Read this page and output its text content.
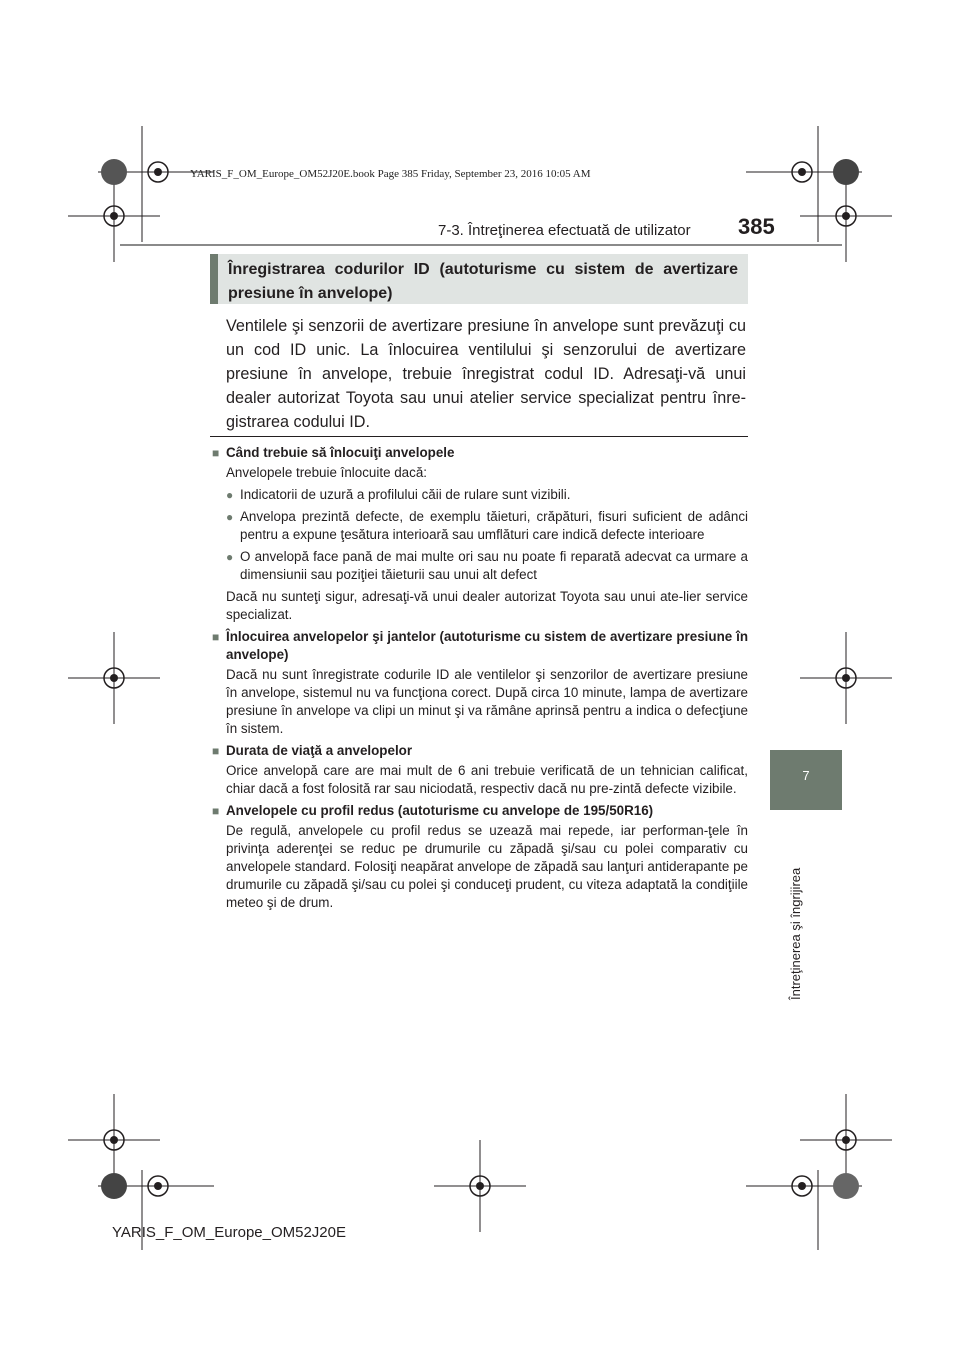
YARIS_F_OM_Europe_OM52J20E.book Page 385 Friday, September 23, 2016 10:05 AM
7-3. Întreţinerea efectuată de utilizator 385
7
Întreţinerea şi îngrijirea
Înregistrarea codurilor ID (autoturisme cu sistem de avertizare presiune în anvelope)
Ventilele şi senzorii de avertizare presiune în anvelope sunt prevăzuţi cu un cod ID unic. La înlocuirea ventilului şi senzorului de avertizare presiune în anvelope, trebuie înregistrat codul ID. Adresaţi-vă unui dealer autorizat Toyota sau unui atelier service specializat pentru înre-gistrarea codului ID.
■ Când trebuie să înlocuiţi anvelopele
Anvelopele trebuie înlocuite dacă:
● Indicatorii de uzură a profilului căii de rulare sunt vizibili.
● Anvelopa prezintă defecte, de exemplu tăieturi, crăpături, fisuri suficient de adânci pentru a expune ţesătura interioară sau umflături care indică defecte interioare
● O anvelopă face pană de mai multe ori sau nu poate fi reparată adecvat ca urmare a dimensiunii sau poziţiei tăieturii sau unui alt defect
Dacă nu sunteţi sigur, adresaţi-vă unui dealer autorizat Toyota sau unui ate-lier service specializat.
■ Înlocuirea anvelopelor şi jantelor (autoturisme cu sistem de avertizare presiune în anvelope)
Dacă nu sunt înregistrate codurile ID ale ventilelor şi senzorilor de avertizare presiune în anvelope, sistemul nu va funcţiona corect. După circa 10 minute, lampa de avertizare presiune în anvelope va clipi un minut şi va rămâne aprinsă pentru a indica o defecţiune în sistem.
■ Durata de viaţă a anvelopelor
Orice anvelopă care are mai mult de 6 ani trebuie verificată de un tehnician calificat, chiar dacă a fost folosită rar sau niciodată, respectiv dacă nu pre-zintă defecte vizibile.
■ Anvelopele cu profil redus (autoturisme cu anvelope de 195/50R16)
De regulă, anvelopele cu profil redus se uzează mai repede, iar performan-ţele în privinţa aderenţei se reduc pe drumurile cu zăpadă şi/sau cu polei comparativ cu anvelopele standard. Folosiţi neapărat anvelope de zăpadă sau lanţuri antiderapante pe drumurile cu zăpadă şi/sau cu polei şi conduceţi prudent, cu viteza adaptată la condiţiile meteo şi de drum.
YARIS_F_OM_Europe_OM52J20E
